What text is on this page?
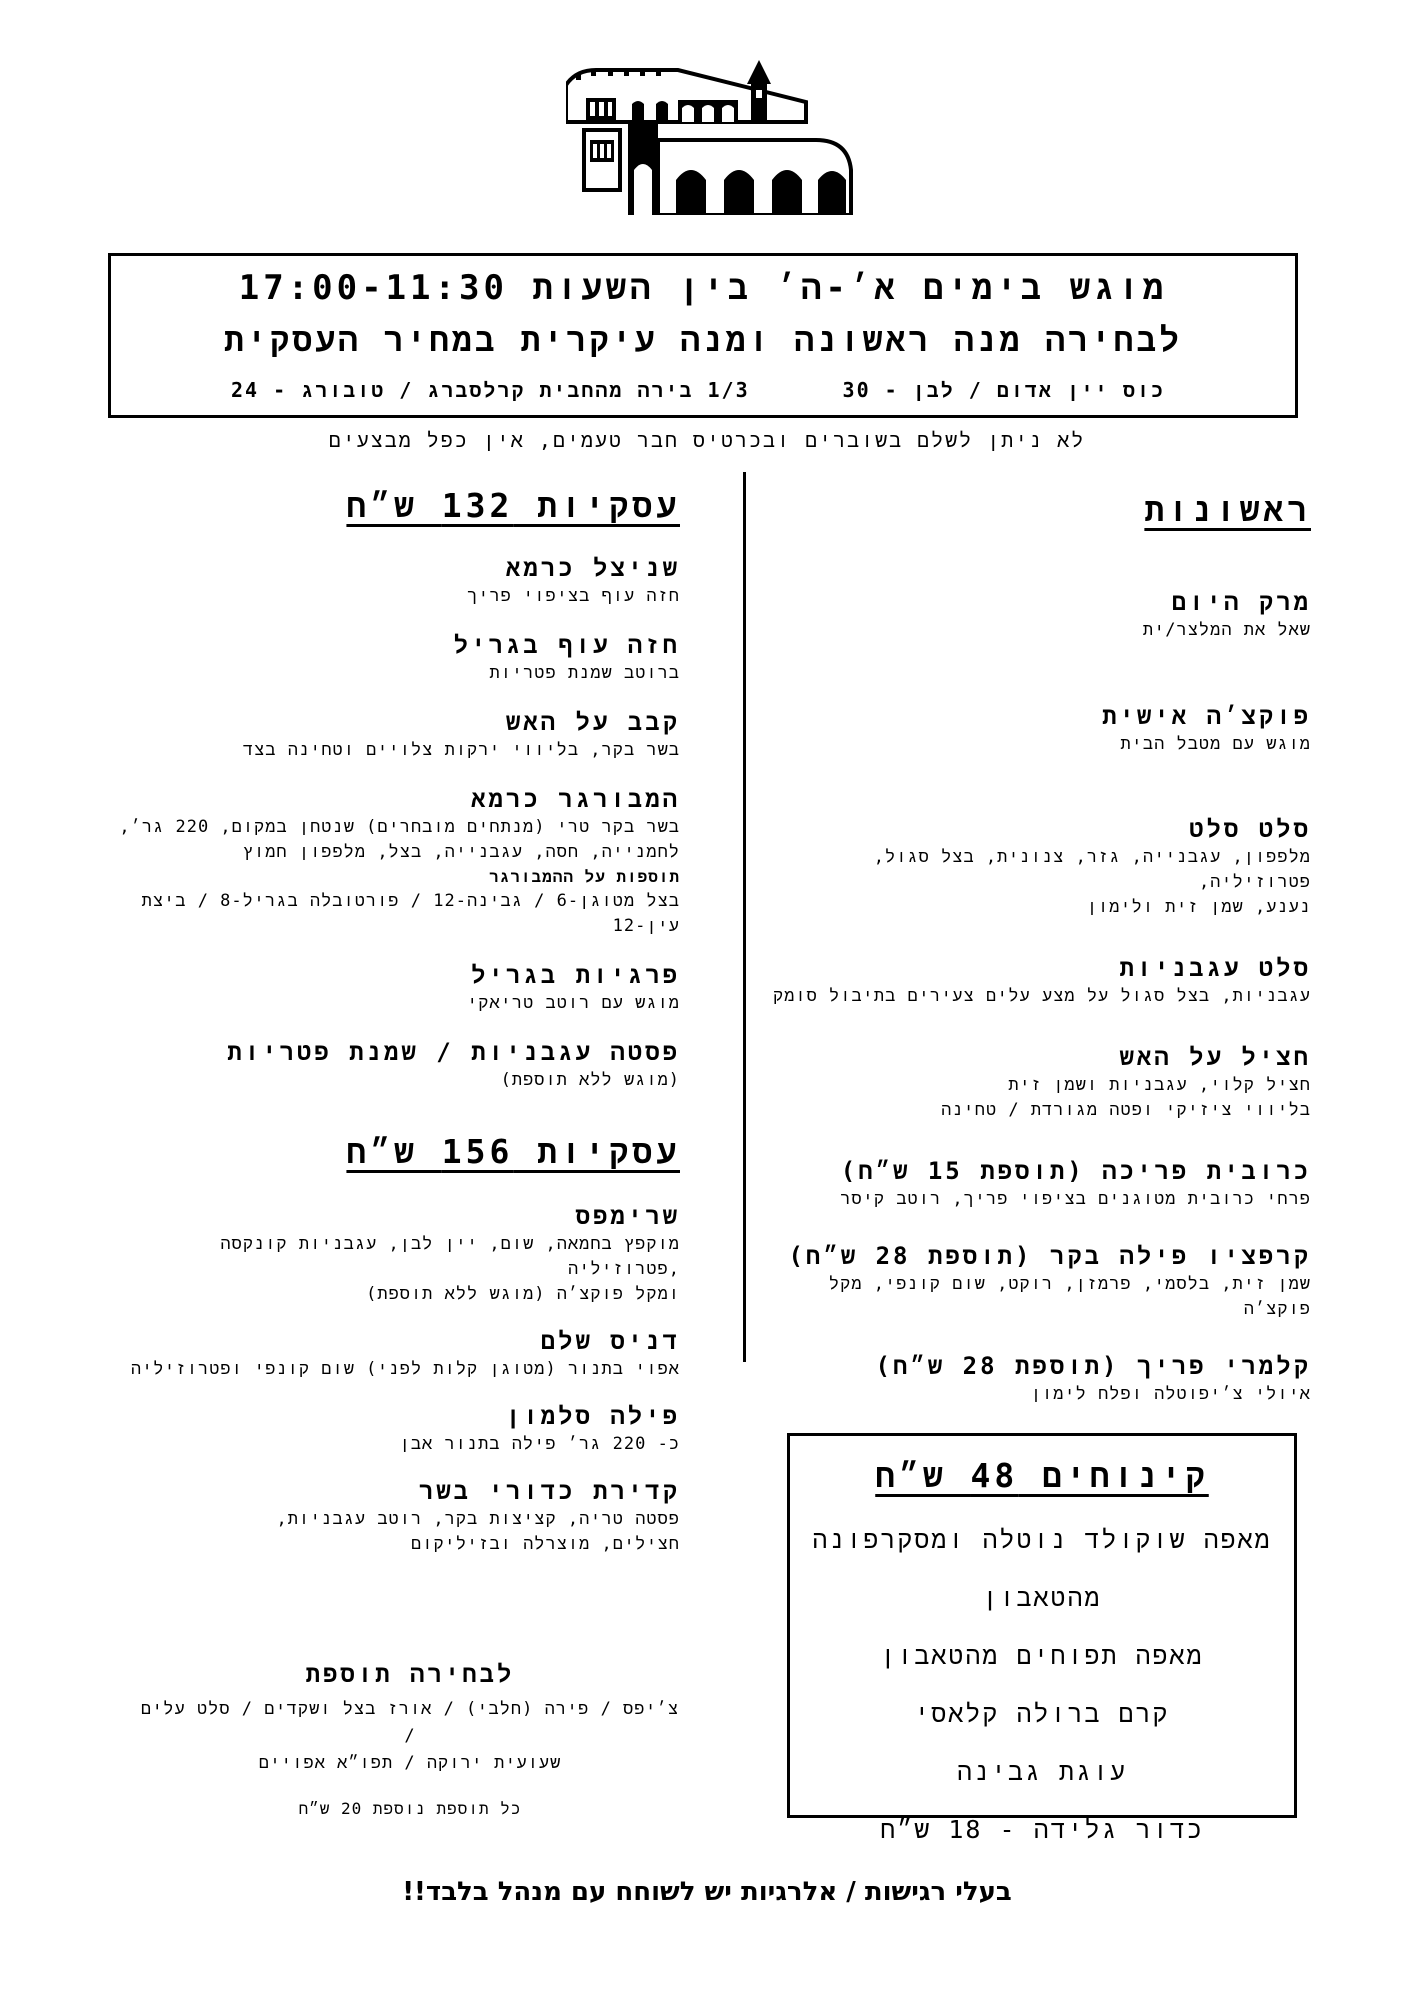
מוגש בימים א׳-ה׳ בין השעות 17:00-11:30
לבחירה מנה ראשונה ומנה עיקרית במחיר העסקית
כוס יין אדום / לבן - 30
1/3 בירה מהחבית קרלסברג / טובורג - 24
לא ניתן לשלם בשוברים ובכרטיס חבר טעמים, אין כפל מבצעים
ראשונות
מרק היום
שאל את המלצר/ית
פוקצ׳ה אישית
מוגש עם מטבל הבית
סלט סלט
מלפפון, עגבנייה, גזר, צנונית, בצל סגול, פטרוזיליה,
נענע, שמן זית ולימון
סלט עגבניות
עגבניות, בצל סגול על מצע עלים צעירים בתיבול סומק
חציל על האש
חציל קלוי, עגבניות ושמן זית
בליווי ציזיקי ופטה מגורדת / טחינה
כרובית פריכה (תוספת 15 ש״ח)
פרחי כרובית מטוגנים בציפוי פריך, רוטב קיסר
קרפציו פילה בקר (תוספת 28 ש״ח)
שמן זית, בלסמי, פרמזן, רוקט, שום קונפי, מקל פוקצ׳ה
קלמרי פריך (תוספת 28 ש״ח)
איולי צ׳יפוטלה ופלח לימון
עסקיות 132 ש״ח
שניצל כרמא
חזה עוף בציפוי פריך
חזה עוף בגריל
ברוטב שמנת פטריות
קבב על האש
בשר בקר, בליווי ירקות צלויים וטחינה בצד
המבורגר כרמא
בשר בקר טרי (מנתחים מובחרים) שנטחן במקום, 220 גר׳,
לחמנייה, חסה, עגבנייה, בצל, מלפפון חמוץ
תוספות על ההמבורגר
בצל מטוגן-6 / גבינה-12 / פורטובלה בגריל-8 / ביצת עין-12
פרגיות בגריל
מוגש עם רוטב טריאקי
פסטה עגבניות / שמנת פטריות
(מוגש ללא תוספת)
עסקיות 156 ש״ח
שרימפס
מוקפץ בחמאה, שום, יין לבן, עגבניות קונקסה ,פטרוזיליה
ומקל פוקצ׳ה (מוגש ללא תוספת)
דניס שלם
אפוי בתנור (מטוגן קלות לפני) שום קונפי ופטרוזיליה
פילה סלמון
כ- 220 גר׳ פילה בתנור אבן
קדירת כדורי בשר
פסטה טריה, קציצות בקר, רוטב עגבניות,
חצילים, מוצרלה ובזיליקום
לבחירה תוספת
צ׳יפס / פירה (חלבי) / אורז בצל ושקדים / סלט עלים /
שעועית ירוקה / תפו״א אפויים
כל תוספת נוספת 20 ש״ח
קינוחים 48 ש״ח
מאפה שוקולד נוטלה ומסקרפונה מהטאבון
מאפה תפוחים מהטאבון
קרם ברולה קלאסי
עוגת גבינה
כדור גלידה - 18 ש״ח
בעלי רגישות / אלרגיות יש לשוחח עם מנהל בלבד!!
